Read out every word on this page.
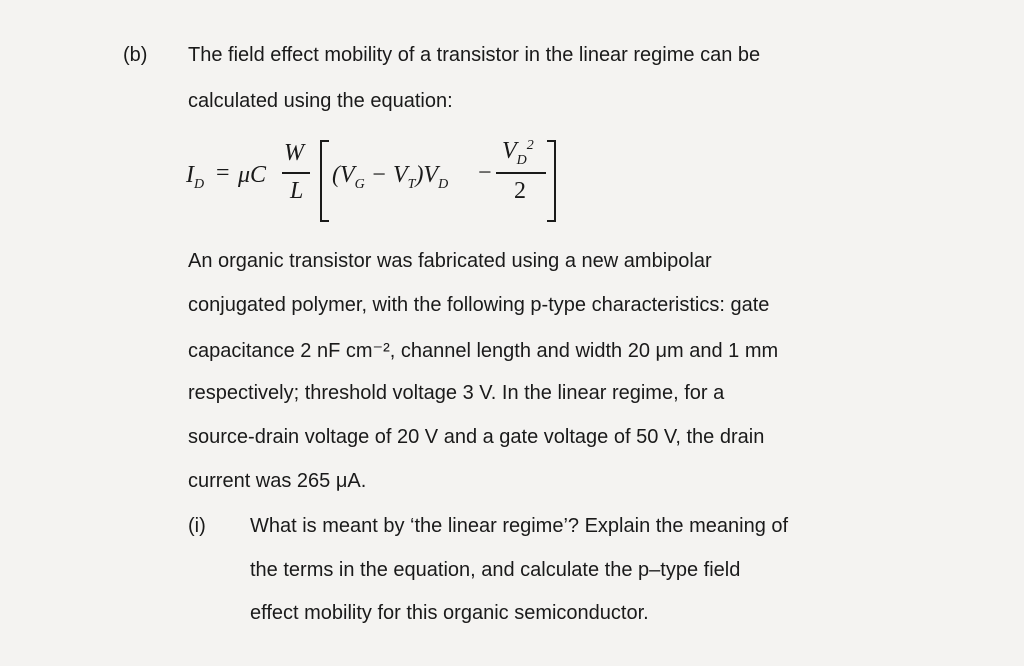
(b) The field effect mobility of a transistor in the linear regime can be
calculated using the equation:
$I_D = \mu C$
W
L
$(V_G - V_T)V_D$ −
$V_D^2$
2
An organic transistor was fabricated using a new ambipolar
conjugated polymer, with the following p-type characteristics: gate
capacitance 2 nF cm⁻², channel length and width 20 μm and 1 mm
respectively; threshold voltage 3 V. In the linear regime, for a
source-drain voltage of 20 V and a gate voltage of 50 V, the drain
current was 265 μA.
(i) What is meant by ‘the linear regime’? Explain the meaning of
the terms in the equation, and calculate the p–type field
effect mobility for this organic semiconductor.
